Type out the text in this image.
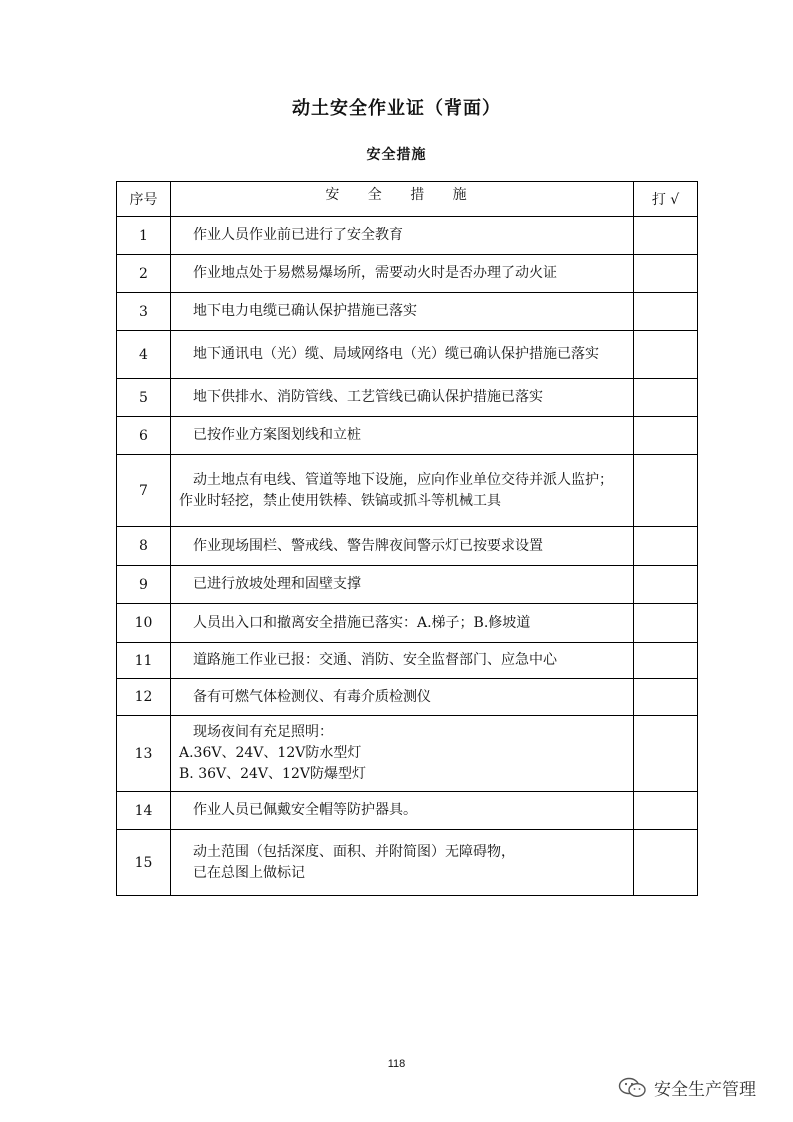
动土安全作业证（背面）
安全措施
序号	安 全 措 施	打 √
1	作业人员作业前已进行了安全教育	

2	作业地点处于易燃易爆场所，需要动火时是否办理了动火证	

3	地下电力电缆已确认保护措施已落实	

4	地下通讯电（光）缆、局域网络电（光）缆已确认保护措施已落实	

5	地下供排水、消防管线、工艺管线已确认保护措施已落实	

6	已按作业方案图划线和立桩	

7	动土地点有电线、管道等地下设施，应向作业单位交待并派人监护；作业时轻挖，禁止使用铁棒、铁镐或抓斗等机械工具	

8	作业现场围栏、警戒线、警告牌夜间警示灯已按要求设置	

9	已进行放坡处理和固壁支撑	

10	人员出入口和撤离安全措施已落实：A.梯子；B.修坡道	

11	道路施工作业已报：交通、消防、安全监督部门、应急中心	

12	备有可燃气体检测仪、有毒介质检测仪	

13	现场夜间有充足照明：
A.36V、24V、12V防水型灯
B. 36V、24V、12V防爆型灯	

14	作业人员已佩戴安全帽等防护器具。	

15	动土范围（包括深度、面积、并附简图）无障碍物，
已在总图上做标记	

118
安全生产管理
